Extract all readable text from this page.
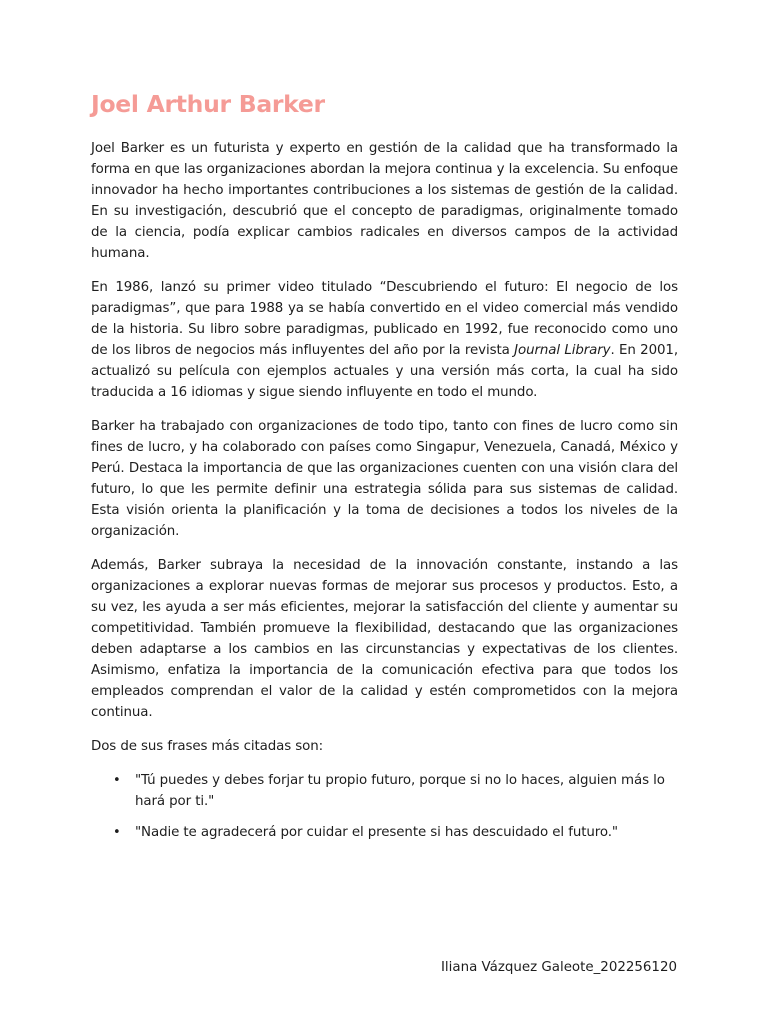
Joel Arthur Barker

Joel Barker es un futurista y experto en gestión de la calidad que ha transformado la forma en que las organizaciones abordan la mejora continua y la excelencia. Su enfoque innovador ha hecho importantes contribuciones a los sistemas de gestión de la calidad. En su investigación, descubrió que el concepto de paradigmas, originalmente tomado de la ciencia, podía explicar cambios radicales en diversos campos de la actividad humana.

En 1986, lanzó su primer video titulado “Descubriendo el futuro: El negocio de los paradigmas”, que para 1988 ya se había convertido en el video comercial más vendido de la historia. Su libro sobre paradigmas, publicado en 1992, fue reconocido como uno de los libros de negocios más influyentes del año por la revista Journal Library. En 2001, actualizó su película con ejemplos actuales y una versión más corta, la cual ha sido traducida a 16 idiomas y sigue siendo influyente en todo el mundo.

Barker ha trabajado con organizaciones de todo tipo, tanto con fines de lucro como sin fines de lucro, y ha colaborado con países como Singapur, Venezuela, Canadá, México y Perú. Destaca la importancia de que las organizaciones cuenten con una visión clara del futuro, lo que les permite definir una estrategia sólida para sus sistemas de calidad. Esta visión orienta la planificación y la toma de decisiones a todos los niveles de la organización.

Además, Barker subraya la necesidad de la innovación constante, instando a las organizaciones a explorar nuevas formas de mejorar sus procesos y productos. Esto, a su vez, les ayuda a ser más eficientes, mejorar la satisfacción del cliente y aumentar su competitividad. También promueve la flexibilidad, destacando que las organizaciones deben adaptarse a los cambios en las circunstancias y expectativas de los clientes. Asimismo, enfatiza la importancia de la comunicación efectiva para que todos los empleados comprendan el valor de la calidad y estén comprometidos con la mejora continua.

Dos de sus frases más citadas son:

• "Tú puedes y debes forjar tu propio futuro, porque si no lo haces, alguien más lo hará por ti."
• "Nadie te agradecerá por cuidar el presente si has descuidado el futuro."
Iliana Vázquez Galeote_202256120
